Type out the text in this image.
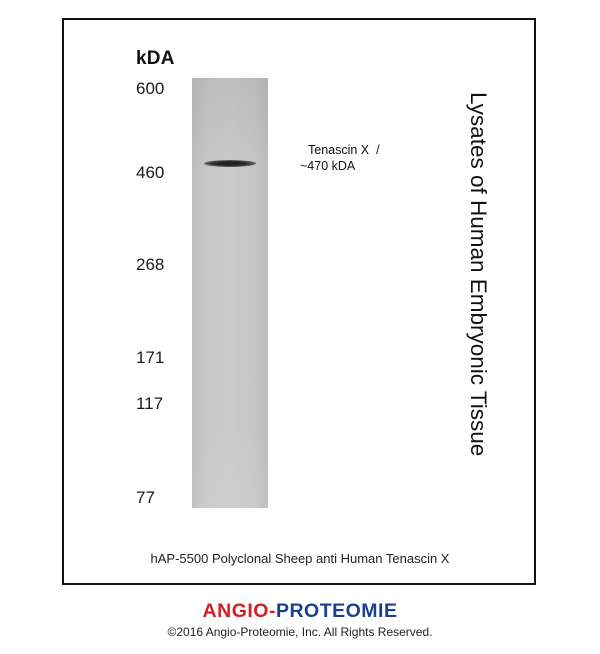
kDA
600
460
268
171
117
77
Tenascin X  /
~470 kDA	Lysates of Human Embryonic Tissue
hAP-5500 Polyclonal Sheep anti Human Tenascin X
ANGIO-PROTEOMIE
©2016 Angio-Proteomie, Inc. All Rights Reserved.
